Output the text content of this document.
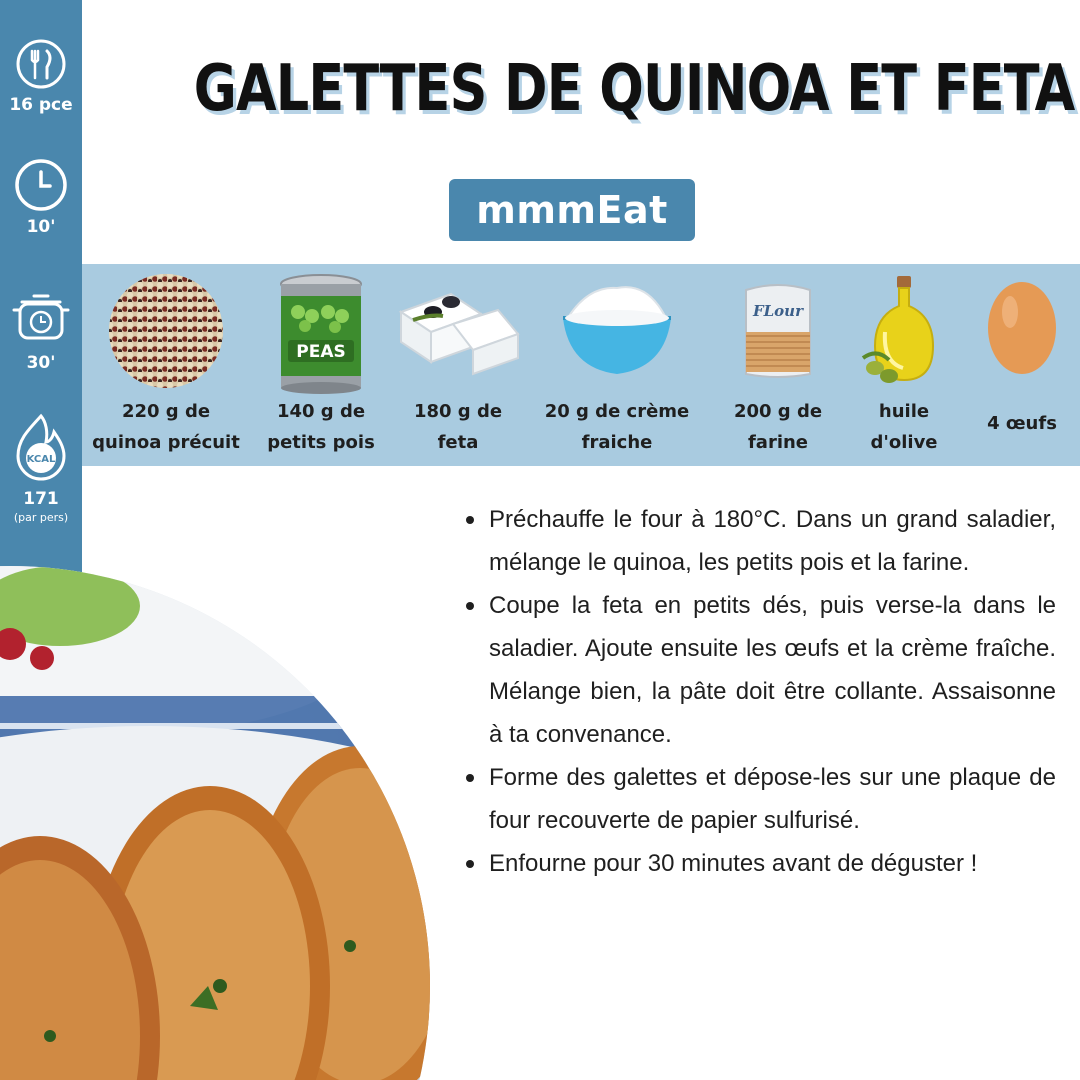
16 pce
10'
30'
KCAL
171
(par pers)
GALETTES DE QUINOA ET FETA
mmmEat
220 g de
quinoa précuit
PEAS
140 g de
petits pois
180 g de
feta
20 g de crème
fraiche
FLour
200 g de
farine
huile
d'olive
4 œufs
Préchauffe le four à 180°C. Dans un grand saladier, mélange le quinoa, les petits pois et la farine.
Coupe la feta en petits dés, puis verse-la dans le saladier. Ajoute ensuite les œufs et la crème fraîche. Mélange bien, la pâte doit être collante. Assaisonne à ta convenance.
Forme des galettes et dépose-les sur une plaque de four recouverte de papier sulfurisé.
Enfourne pour 30 minutes avant de déguster !
